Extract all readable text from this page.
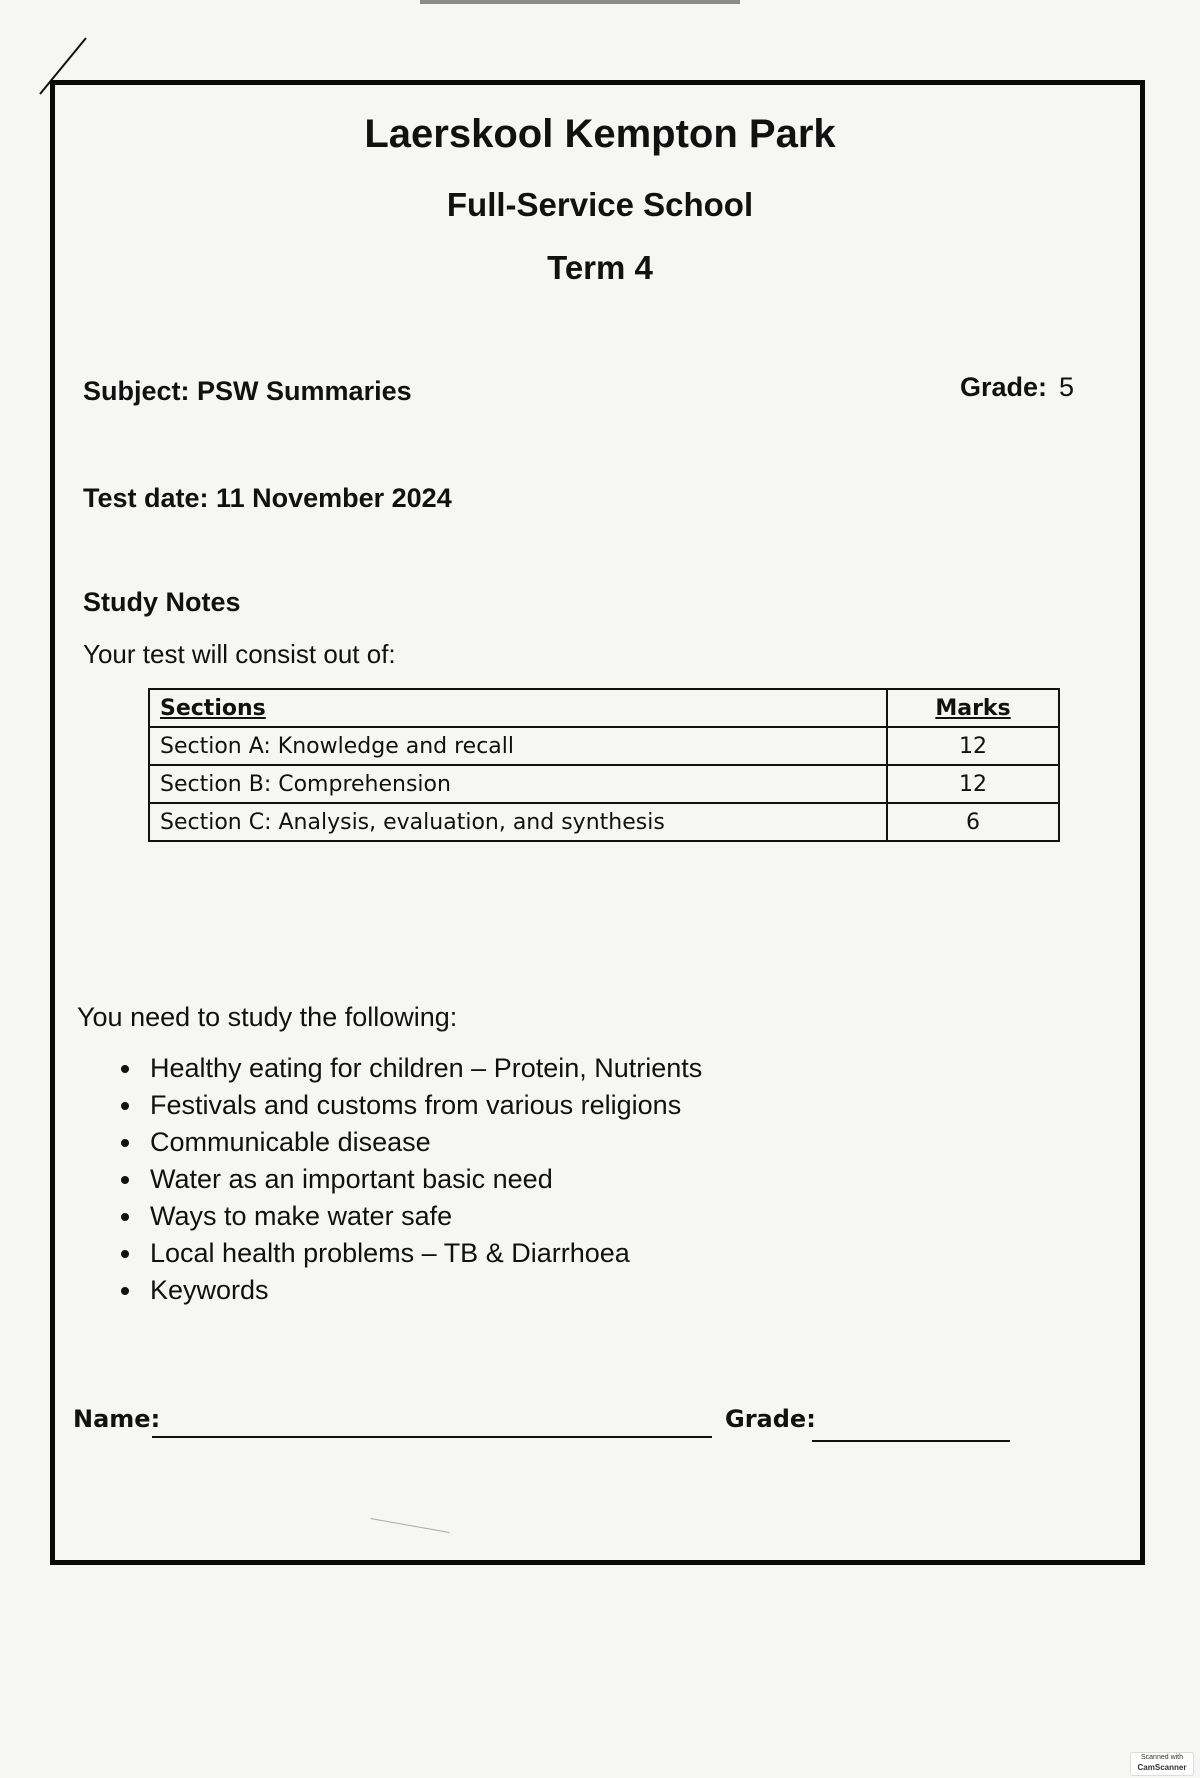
Laerskool Kempton Park
Full-Service School
Term 4
Subject: PSW Summaries	Grade: 5
Test date: 11 November 2024
Study Notes
Your test will consist out of:
Sections	Marks
Section A: Knowledge and recall	12
Section B: Comprehension	12
Section C: Analysis, evaluation, and synthesis	6
You need to study the following:
• Healthy eating for children – Protein, Nutrients
• Festivals and customs from various religions
• Communicable disease
• Water as an important basic need
• Ways to make water safe
• Local health problems – TB & Diarrhoea
• Keywords
Name:	Grade:
Scanned with
CamScanner
